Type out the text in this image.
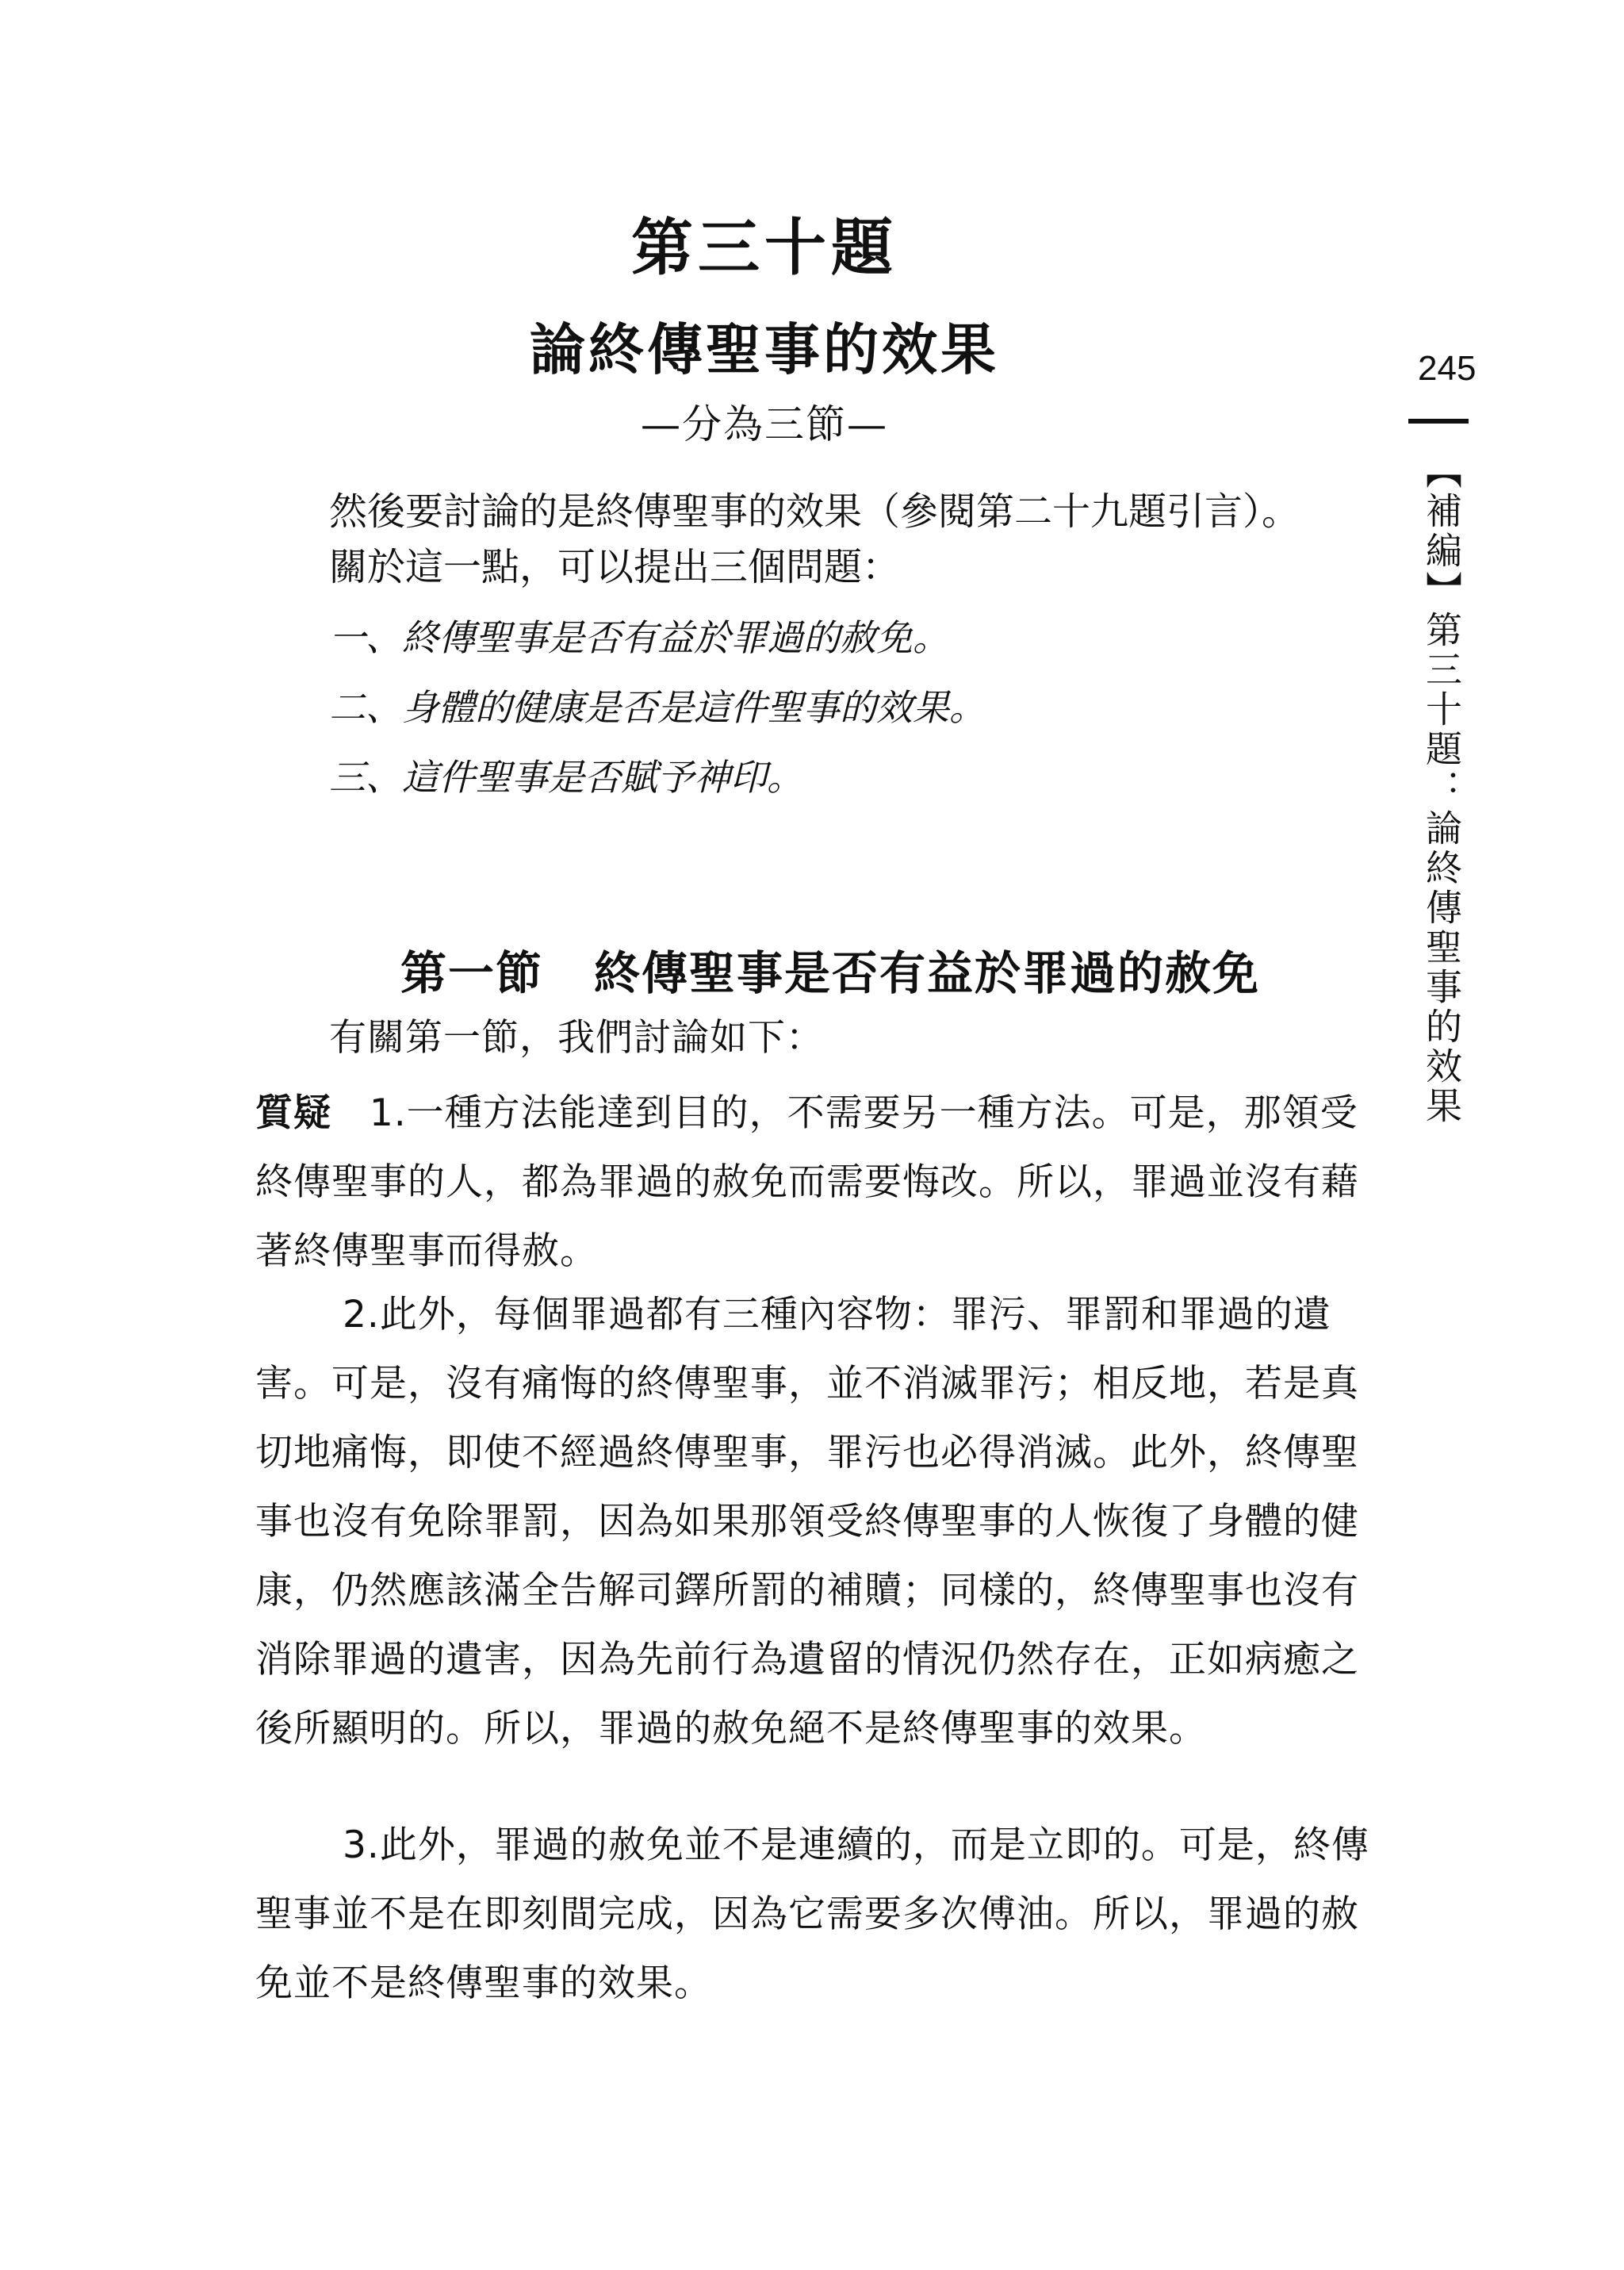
第三十題
論終傳聖事的效果
—分為三節—
245
【補編】第三十題：論終傳聖事的效果
然後要討論的是終傳聖事的效果（參閱第二十九題引言）。
關於這一點，可以提出三個問題：
一、終傳聖事是否有益於罪過的赦免。
二、身體的健康是否是這件聖事的效果。
三、這件聖事是否賦予神印。
第一節 終傳聖事是否有益於罪過的赦免
有關第一節，我們討論如下：

質疑 1.一種方法能達到目的，不需要另一種方法。可是，那領受終傳聖事的人，都為罪過的赦免而需要悔改。所以，罪過並沒有藉著終傳聖事而得赦。

2.此外，每個罪過都有三種內容物：罪污、罪罰和罪過的遺害。可是，沒有痛悔的終傳聖事，並不消滅罪污；相反地，若是真切地痛悔，即使不經過終傳聖事，罪污也必得消滅。此外，終傳聖事也沒有免除罪罰，因為如果那領受終傳聖事的人恢復了身體的健康，仍然應該滿全告解司鐸所罰的補贖；同樣的，終傳聖事也沒有消除罪過的遺害，因為先前行為遺留的情況仍然存在，正如病癒之後所顯明的。所以，罪過的赦免絕不是終傳聖事的效果。

3.此外，罪過的赦免並不是連續的，而是立即的。可是，終傳聖事並不是在即刻間完成，因為它需要多次傅油。所以，罪過的赦免並不是終傳聖事的效果。
